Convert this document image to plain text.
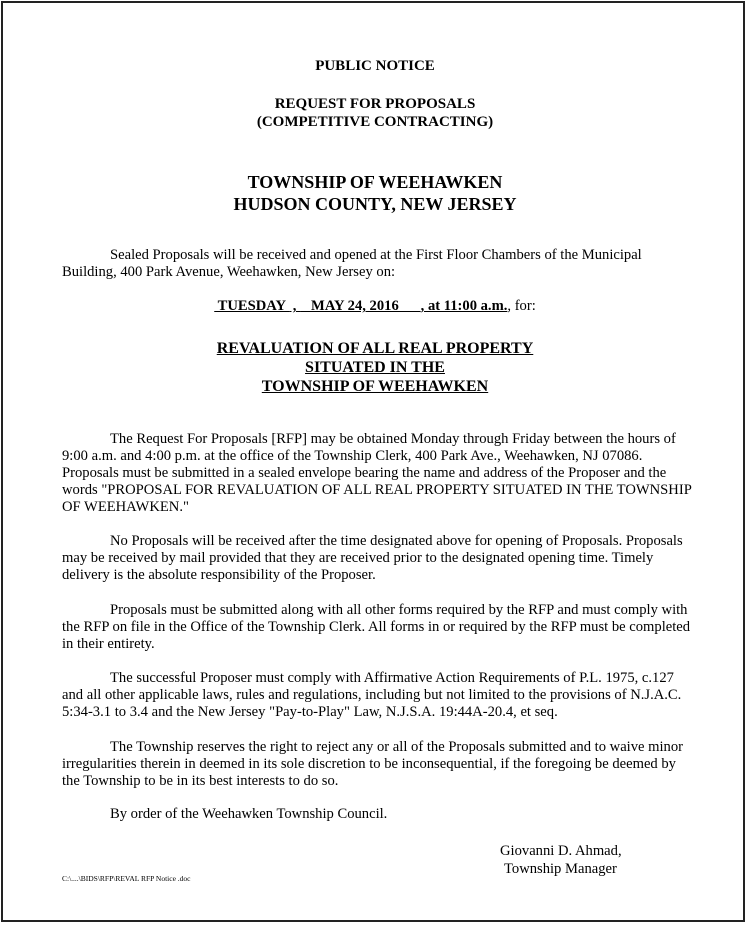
PUBLIC NOTICE
REQUEST FOR PROPOSALS
(COMPETITIVE CONTRACTING)
TOWNSHIP OF WEEHAWKEN
HUDSON COUNTY, NEW JERSEY

Sealed Proposals will be received and opened at the First Floor Chambers of the Municipal Building, 400 Park Avenue, Weehawken, New Jersey on:

TUESDAY  ,    MAY 24, 2016      , at 11:00 a.m., for:
REVALUATION OF ALL REAL PROPERTY
SITUATED IN THE
TOWNSHIP OF WEEHAWKEN

The Request For Proposals [RFP] may be obtained Monday through Friday between the hours of 9:00 a.m. and 4:00 p.m. at the office of the Township Clerk, 400 Park Ave., Weehawken, NJ 07086. Proposals must be submitted in a sealed envelope bearing the name and address of the Proposer and the words "PROPOSAL FOR REVALUATION OF ALL REAL PROPERTY SITUATED IN THE TOWNSHIP OF WEEHAWKEN."

No Proposals will be received after the time designated above for opening of Proposals. Proposals may be received by mail provided that they are received prior to the designated opening time. Timely delivery is the absolute responsibility of the Proposer.

Proposals must be submitted along with all other forms required by the RFP and must comply with the RFP on file in the Office of the Township Clerk. All forms in or required by the RFP must be completed in their entirety.

The successful Proposer must comply with Affirmative Action Requirements of P.L. 1975, c.127 and all other applicable laws, rules and regulations, including but not limited to the provisions of N.J.A.C. 5:34-3.1 to 3.4 and the New Jersey "Pay-to-Play" Law, N.J.S.A. 19:44A-20.4, et seq.

The Township reserves the right to reject any or all of the Proposals submitted and to waive minor irregularities therein in deemed in its sole discretion to be inconsequential, if the foregoing be deemed by the Township to be in its best interests to do so.

By order of the Weehawken Township Council.

Giovanni D. Ahmad,
Township Manager
C:\....\BIDS\RFP\REVAL RFP Notice .doc
